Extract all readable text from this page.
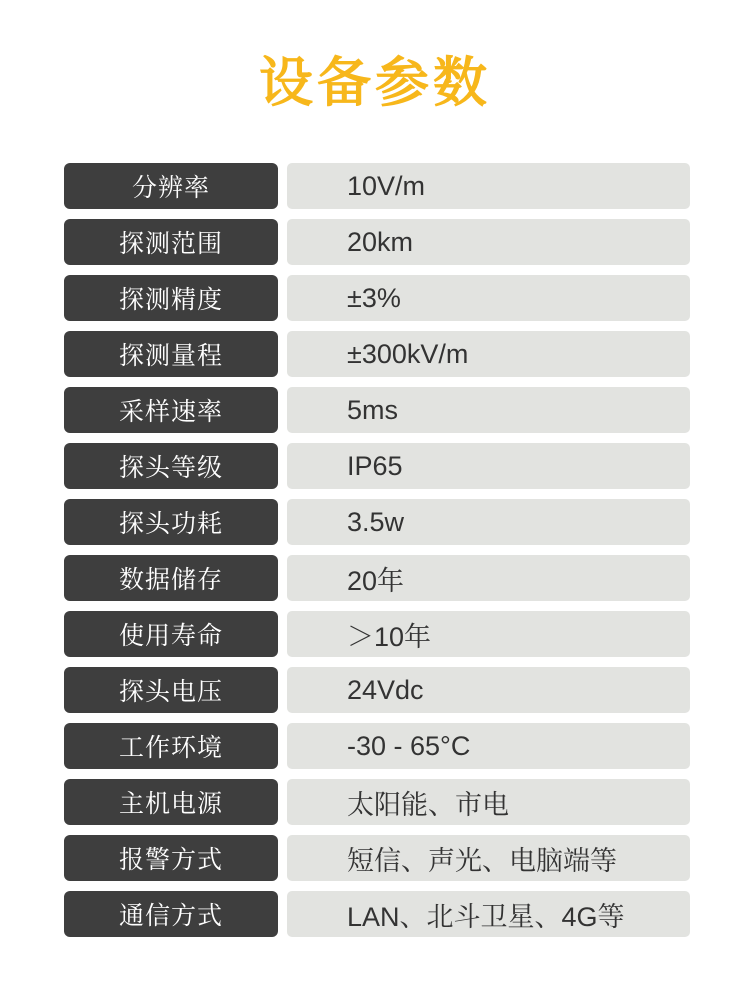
设备参数
分辨率	10V/m
探测范围	20km
探测精度	±3%
探测量程	±300kV/m
采样速率	5ms
探头等级	IP65
探头功耗	3.5w
数据储存	20年
使用寿命	＞10年
探头电压	24Vdc
工作环境	-30 - 65°C
主机电源	太阳能、市电
报警方式	短信、声光、电脑端等
通信方式	LAN、北斗卫星、4G等
